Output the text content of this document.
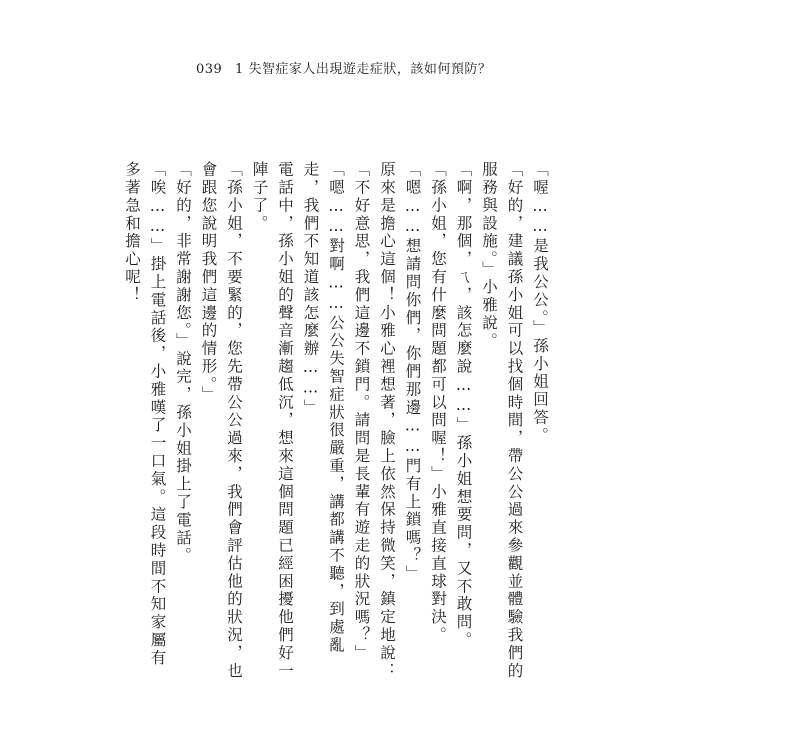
039 1 失智症家人出現遊走症狀，該如何預防？

「喔……是我公公。」孫小姐回答。

「好的，建議孫小姐可以找個時間，帶公公過來參觀並體驗我們的服務與設施。」小雅說。

「啊，那個，ㄟ，該怎麼說……」孫小姐想要問，又不敢問。

「孫小姐，您有什麼問題都可以問喔！」小雅直接直球對決。

「嗯……想請問你們，你們那邊……門有上鎖嗎？」

原來是擔心這個！小雅心裡想著，臉上依然保持微笑，鎮定地說：「不好意思，我們這邊不鎖門。請問是長輩有遊走的狀況嗎？」

「嗯……對啊……公公失智症狀很嚴重，講都講不聽，到處亂走，我們不知道該怎麼辦……」

電話中，孫小姐的聲音漸趨低沉，想來這個問題已經困擾他們好一陣子了。

「孫小姐，不要緊的，您先帶公公過來，我們會評估他的狀況，也會跟您說明我們這邊的情形。」

「好的，非常謝謝您。」說完，孫小姐掛上了電話。

「唉……」掛上電話後，小雅嘆了一口氣。這段時間不知家屬有多著急和擔心呢！
